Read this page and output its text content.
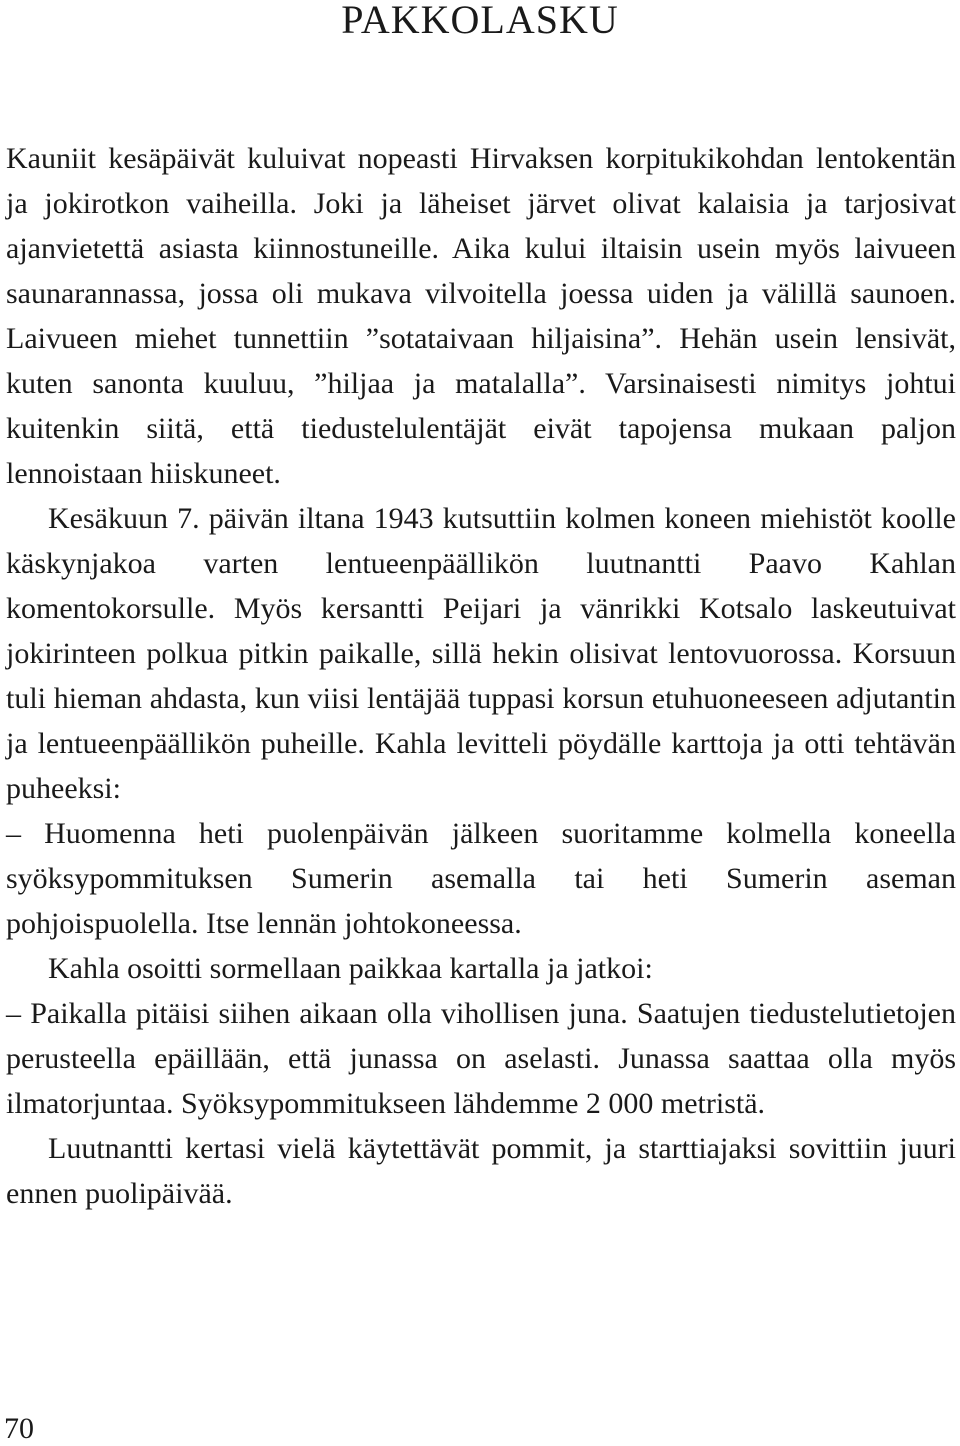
PAKKOLASKU

Kauniit kesäpäivät kuluivat nopeasti Hirvaksen korpitukikohdan lentokentän ja jokirotkon vaiheilla. Joki ja läheiset järvet olivat kalaisia ja tarjosivat ajanvietettä asiasta kiinnostuneille. Aika kului iltaisin usein myös laivueen saunarannassa, jossa oli mukava vilvoitella joessa uiden ja välillä saunoen. Laivueen miehet tunnettiin ”sotataivaan hiljaisina”. Hehän usein lensivät, kuten sanonta kuuluu, ”hiljaa ja matalalla”. Varsinaisesti nimitys johtui kuitenkin siitä, että tiedustelulentäjät eivät tapojensa mukaan paljon lennoistaan hiiskuneet.

Kesäkuun 7. päivän iltana 1943 kutsuttiin kolmen koneen miehistöt koolle käskynjakoa varten lentueenpäällikön luutnantti Paavo Kahlan komentokorsulle. Myös kersantti Peijari ja vänrikki Kotsalo laskeutuivat jokirinteen polkua pitkin paikalle, sillä hekin olisivat lentovuorossa. Korsuun tuli hieman ahdasta, kun viisi lentäjää tuppasi korsun etuhuoneeseen adjutantin ja lentueenpäällikön puheille. Kahla levitteli pöydälle karttoja ja otti tehtävän puheeksi:

– Huomenna heti puolenpäivän jälkeen suoritamme kolmella koneella syöksypommituksen Sumerin asemalla tai heti Sumerin aseman pohjoispuolella. Itse lennän johtokoneessa.

Kahla osoitti sormellaan paikkaa kartalla ja jatkoi:

– Paikalla pitäisi siihen aikaan olla vihollisen juna. Saatujen tiedustelutietojen perusteella epäillään, että junassa on aselasti. Junassa saattaa olla myös ilmatorjuntaa. Syöksypommitukseen lähdemme 2 000 metristä.

Luutnantti kertasi vielä käytettävät pommit, ja starttiajaksi sovittiin juuri ennen puolipäivää.

70
